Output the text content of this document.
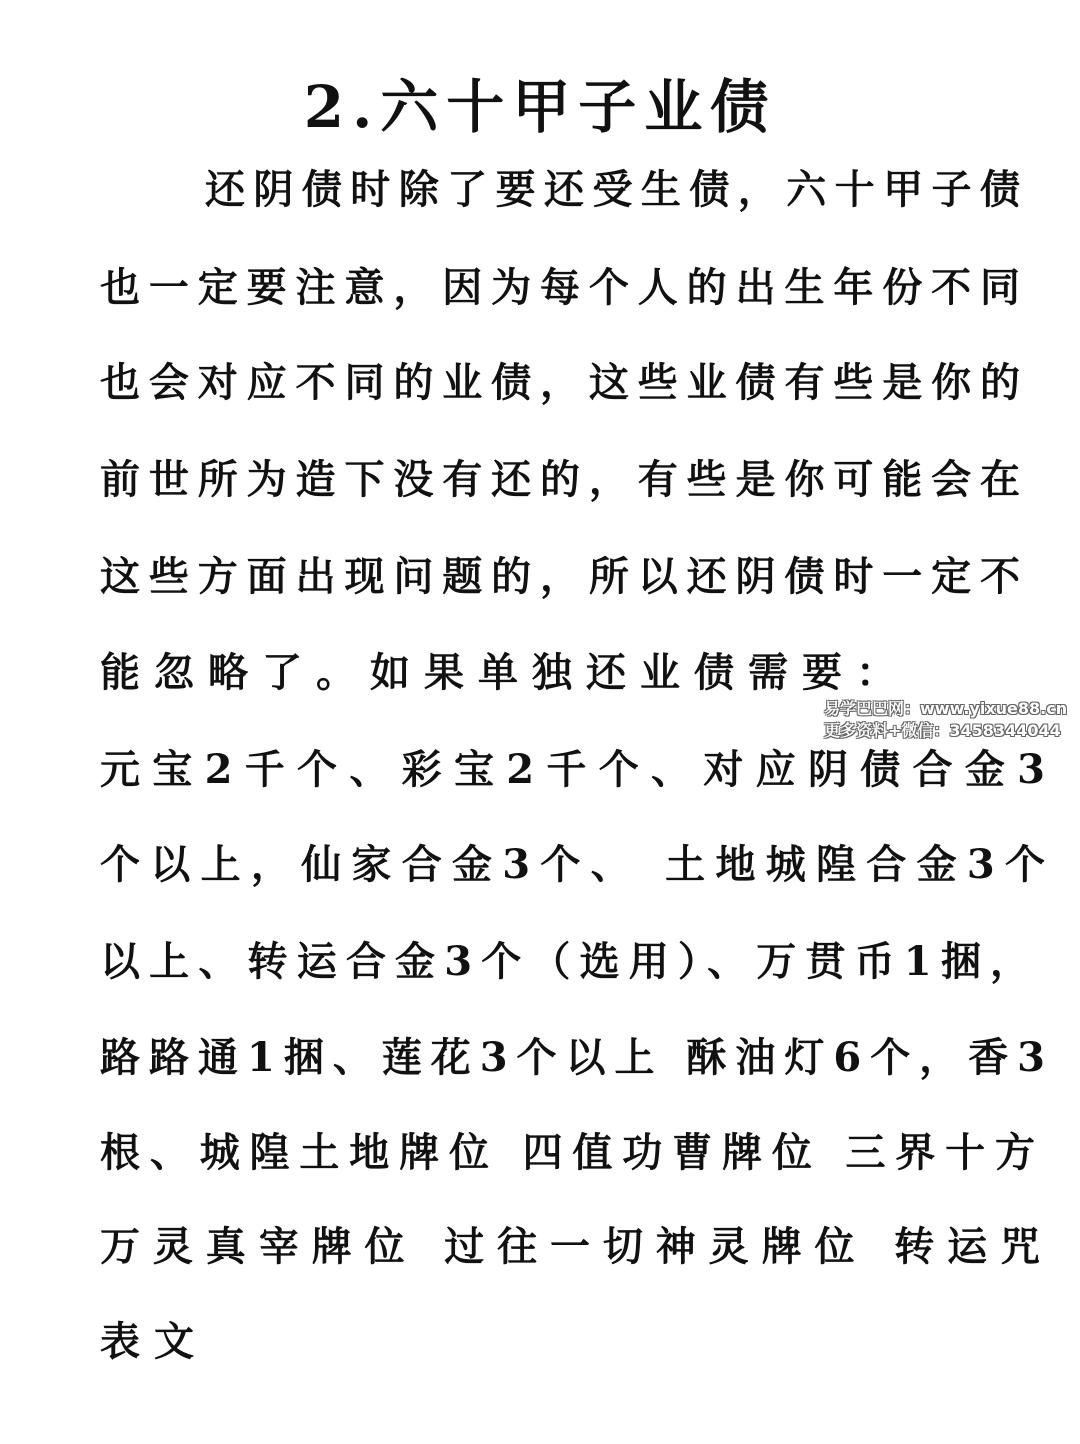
2.六十甲子业债
还阴债时除了要还受生债，六十甲子债
也一定要注意，因为每个人的出生年份不同
也会对应不同的业债，这些业债有些是你的
前世所为造下没有还的，有些是你可能会在
这些方面出现问题的，所以还阴债时一定不
能忽略了。如果单独还业债需要：
元宝2千个、彩宝2千个、对应阴债合金3
个以上，仙家合金3个、 土地城隍合金3个
以上、转运合金3个（选用）、万贯币1捆，
路路通1捆、莲花3个以上 酥油灯6个，香3
根、城隍土地牌位 四值功曹牌位 三界十方
万灵真宰牌位 过往一切神灵牌位 转运咒
表文
易学巴巴网：www.yixue88.cn
更多资料+微信：3458344044
